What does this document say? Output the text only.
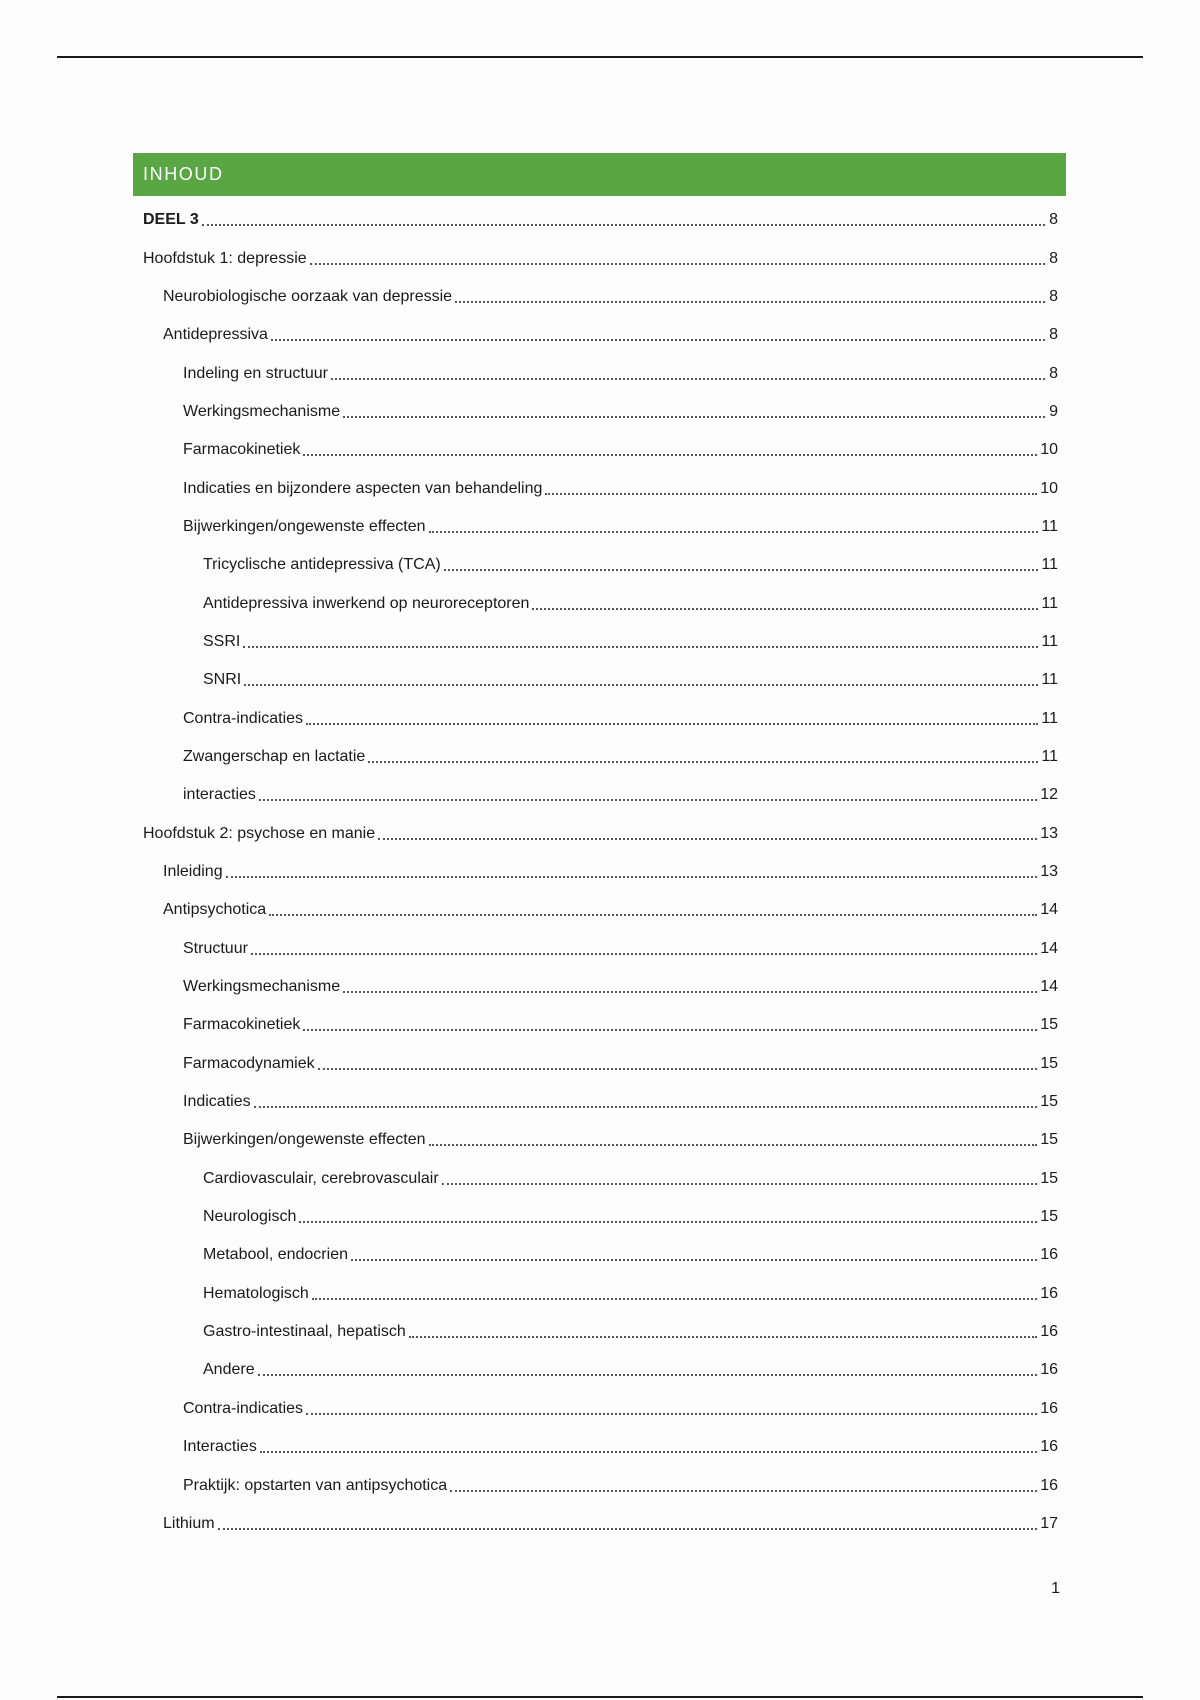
INHOUD
DEEL 3	8
Hoofdstuk 1: depressie	8
Neurobiologische oorzaak van depressie	8
Antidepressiva	8
Indeling en structuur	8
Werkingsmechanisme	9
Farmacokinetiek	10
Indicaties en bijzondere aspecten van behandeling	10
Bijwerkingen/ongewenste effecten	11
Tricyclische antidepressiva (TCA)	11
Antidepressiva inwerkend op neuroreceptoren	11
SSRI	11
SNRI	11
Contra-indicaties	11
Zwangerschap en lactatie	11
interacties	12
Hoofdstuk 2: psychose en manie	13
Inleiding	13
Antipsychotica	14
Structuur	14
Werkingsmechanisme	14
Farmacokinetiek	15
Farmacodynamiek	15
Indicaties	15
Bijwerkingen/ongewenste effecten	15
Cardiovasculair, cerebrovasculair	15
Neurologisch	15
Metabool, endocrien	16
Hematologisch	16
Gastro-intestinaal, hepatisch	16
Andere	16
Contra-indicaties	16
Interacties	16
Praktijk: opstarten van antipsychotica	16
Lithium	17
1
